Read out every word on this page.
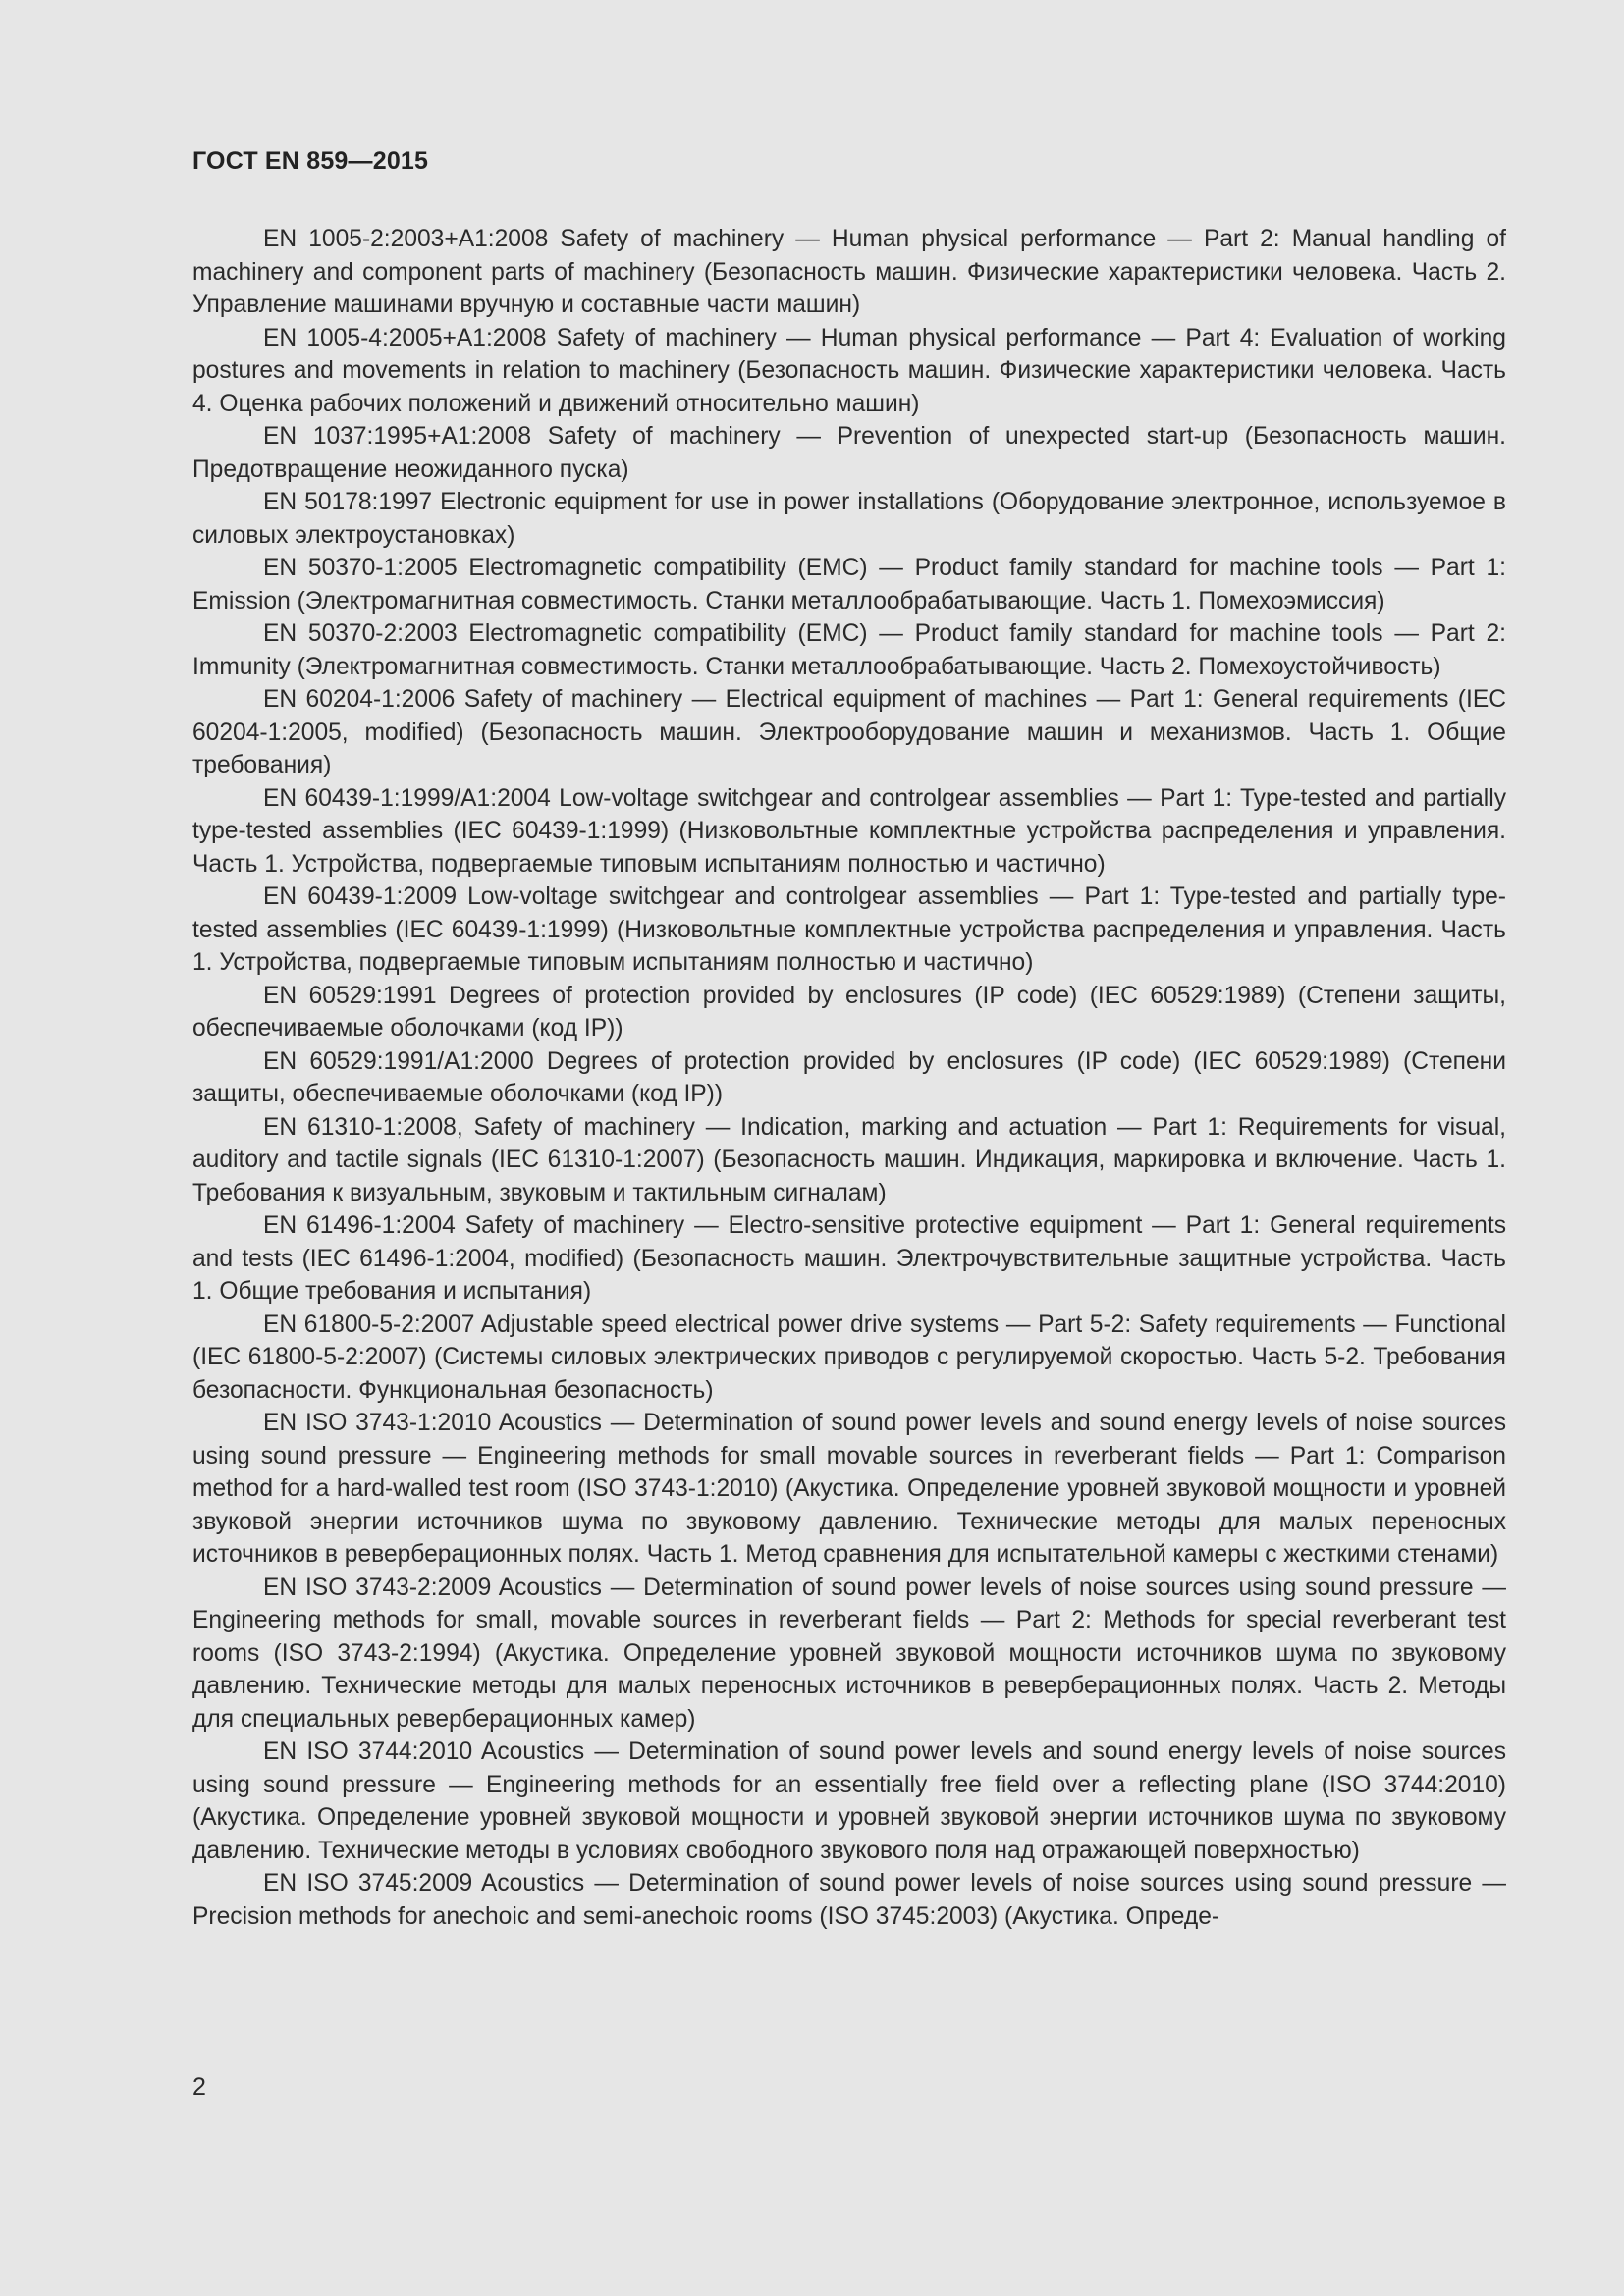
ГОСТ EN 859—2015

EN 1005-2:2003+A1:2008 Safety of machinery — Human physical performance — Part 2: Manual handling of machinery and component parts of machinery (Безопасность машин. Физические характеристики человека. Часть 2. Управление машинами вручную и составные части машин)

EN 1005-4:2005+A1:2008 Safety of machinery — Human physical performance — Part 4: Evaluation of working postures and movements in relation to machinery (Безопасность машин. Физические характеристики человека. Часть 4. Оценка рабочих положений и движений относительно машин)

EN 1037:1995+A1:2008 Safety of machinery — Prevention of unexpected start-up (Безопасность машин. Предотвращение неожиданного пуска)

EN 50178:1997 Electronic equipment for use in power installations (Оборудование электронное, используемое в силовых электроустановках)

EN 50370-1:2005 Electromagnetic compatibility (EMC) — Product family standard for machine tools — Part 1: Emission (Электромагнитная совместимость. Станки металлообрабатывающие. Часть 1. Помехоэмиссия)

EN 50370-2:2003 Electromagnetic compatibility (EMC) — Product family standard for machine tools — Part 2: Immunity (Электромагнитная совместимость. Станки металлообрабатывающие. Часть 2. Помехоустойчивость)

EN 60204-1:2006 Safety of machinery — Electrical equipment of machines — Part 1: General requirements (IEC 60204-1:2005, modified) (Безопасность машин. Электрооборудование машин и механизмов. Часть 1. Общие требования)

EN 60439-1:1999/A1:2004 Low-voltage switchgear and controlgear assemblies — Part 1: Type-tested and partially type-tested assemblies (IEC 60439-1:1999) (Низковольтные комплектные устройства распределения и управления. Часть 1. Устройства, подвергаемые типовым испытаниям полностью и частично)

EN 60439-1:2009 Low-voltage switchgear and controlgear assemblies — Part 1: Type-tested and partially type-tested assemblies (IEC 60439-1:1999) (Низковольтные комплектные устройства распределения и управления. Часть 1. Устройства, подвергаемые типовым испытаниям полностью и частично)

EN 60529:1991 Degrees of protection provided by enclosures (IP code) (IEC 60529:1989) (Степени защиты, обеспечиваемые оболочками (код IP))

EN 60529:1991/A1:2000 Degrees of protection provided by enclosures (IP code) (IEC 60529:1989) (Степени защиты, обеспечиваемые оболочками (код IP))

EN 61310-1:2008, Safety of machinery — Indication, marking and actuation — Part 1: Requirements for visual, auditory and tactile signals (IEC 61310-1:2007) (Безопасность машин. Индикация, маркировка и включение. Часть 1. Требования к визуальным, звуковым и тактильным сигналам)

EN 61496-1:2004 Safety of machinery — Electro-sensitive protective equipment — Part 1: General requirements and tests (IEC 61496-1:2004, modified) (Безопасность машин. Электрочувствительные защитные устройства. Часть 1. Общие требования и испытания)

EN 61800-5-2:2007 Adjustable speed electrical power drive systems — Part 5-2: Safety requirements — Functional (IEC 61800-5-2:2007) (Системы силовых электрических приводов с регулируемой скоростью. Часть 5-2. Требования безопасности. Функциональная безопасность)

EN ISO 3743-1:2010 Acoustics — Determination of sound power levels and sound energy levels of noise sources using sound pressure — Engineering methods for small movable sources in reverberant fields — Part 1: Comparison method for a hard-walled test room (ISO 3743-1:2010) (Акустика. Определение уровней звуковой мощности и уровней звуковой энергии источников шума по звуковому давлению. Технические методы для малых переносных источников в реверберационных полях. Часть 1. Метод сравнения для испытательной камеры с жесткими стенами)

EN ISO 3743-2:2009 Acoustics — Determination of sound power levels of noise sources using sound pressure — Engineering methods for small, movable sources in reverberant fields — Part 2: Methods for special reverberant test rooms (ISO 3743-2:1994) (Акустика. Определение уровней звуковой мощности источников шума по звуковому давлению. Технические методы для малых переносных источников в реверберационных полях. Часть 2. Методы для специальных реверберационных камер)

EN ISO 3744:2010 Acoustics — Determination of sound power levels and sound energy levels of noise sources using sound pressure — Engineering methods for an essentially free field over a reflecting plane (ISO 3744:2010) (Акустика. Определение уровней звуковой мощности и уровней звуковой энергии источников шума по звуковому давлению. Технические методы в условиях свободного звукового поля над отражающей поверхностью)

EN ISO 3745:2009 Acoustics — Determination of sound power levels of noise sources using sound pressure — Precision methods for anechoic and semi-anechoic rooms (ISO 3745:2003) (Акустика. Опреде-

2
